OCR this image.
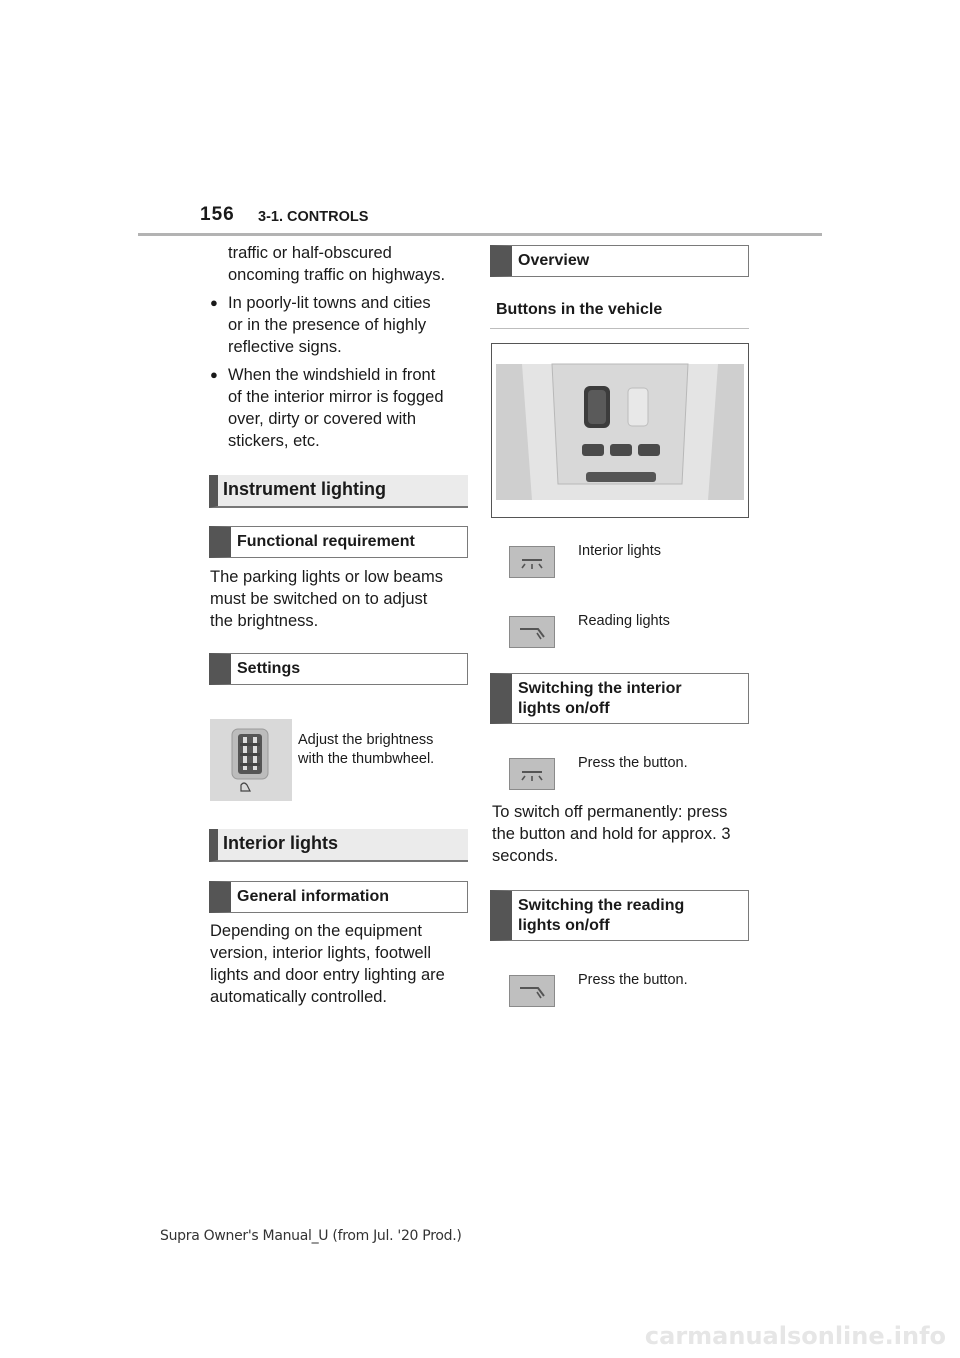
156 3-1. CONTROLS
traffic or half-obscured
oncoming traffic on highways.
● In poorly-lit towns and cities
or in the presence of highly
reflective signs.
● When the windshield in front
of the interior mirror is fogged
over, dirty or covered with
stickers, etc.
Instrument lighting
Functional requirement
The parking lights or low beams
must be switched on to adjust
the brightness.
Settings
Adjust the brightness
with the thumbwheel.
Interior lights
General information
Depending on the equipment
version, interior lights, footwell
lights and door entry lighting are
automatically controlled.
Overview
Buttons in the vehicle
Interior lights
Reading lights
Switching the interior
lights on/off
Press the button.
To switch off permanently: press
the button and hold for approx. 3
seconds.
Switching the reading
lights on/off
Press the button.
Supra Owner's Manual_U (from Jul. '20 Prod.)
carmanualsonline.info
